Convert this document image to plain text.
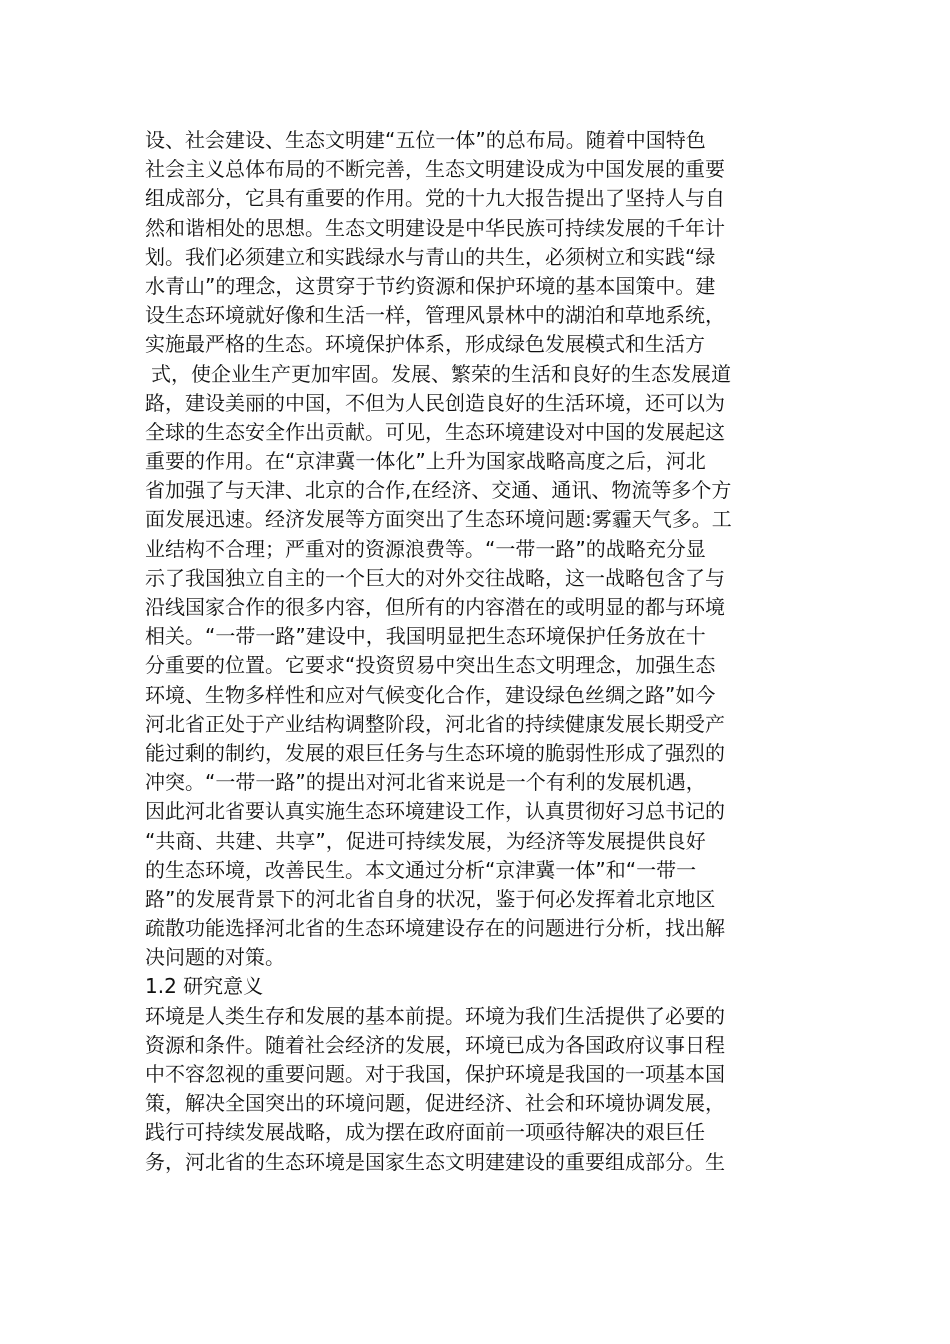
设、社会建设、生态文明建“五位一体”的总布局。随着中国特色
社会主义总体布局的不断完善，生态文明建设成为中国发展的重要
组成部分，它具有重要的作用。党的十九大报告提出了坚持人与自
然和谐相处的思想。生态文明建设是中华民族可持续发展的千年计
划。我们必须建立和实践绿水与青山的共生，必须树立和实践“绿
水青山”的理念，这贯穿于节约资源和保护环境的基本国策中。建
设生态环境就好像和生活一样，管理风景林中的湖泊和草地系统，
实施最严格的生态。环境保护体系，形成绿色发展模式和生活方
式，使企业生产更加牢固。发展、繁荣的生活和良好的生态发展道
路，建设美丽的中国，不但为人民创造良好的生活环境，还可以为
全球的生态安全作出贡献。可见，生态环境建设对中国的发展起这
重要的作用。在“京津冀一体化”上升为国家战略高度之后，河北
省加强了与天津、北京的合作,在经济、交通、通讯、物流等多个方
面发展迅速。经济发展等方面突出了生态环境问题:雾霾天气多。工
业结构不合理；严重对的资源浪费等。“一带一路”的战略充分显
示了我国独立自主的一个巨大的对外交往战略，这一战略包含了与
沿线国家合作的很多内容，但所有的内容潜在的或明显的都与环境
相关。“一带一路”建设中，我国明显把生态环境保护任务放在十
分重要的位置。它要求“投资贸易中突出生态文明理念，加强生态
环境、生物多样性和应对气候变化合作，建设绿色丝绸之路”如今
河北省正处于产业结构调整阶段，河北省的持续健康发展长期受产
能过剩的制约，发展的艰巨任务与生态环境的脆弱性形成了强烈的
冲突。“一带一路”的提出对河北省来说是一个有利的发展机遇，
因此河北省要认真实施生态环境建设工作，认真贯彻好习总书记的
“共商、共建、共享”，促进可持续发展，为经济等发展提供良好
的生态环境，改善民生。本文通过分析“京津冀一体”和“一带一
路”的发展背景下的河北省自身的状况，鉴于何必发挥着北京地区
疏散功能选择河北省的生态环境建设存在的问题进行分析，找出解
决问题的对策。
1.2 研究意义
环境是人类生存和发展的基本前提。环境为我们生活提供了必要的
资源和条件。随着社会经济的发展，环境已成为各国政府议事日程
中不容忽视的重要问题。对于我国，保护环境是我国的一项基本国
策，解决全国突出的环境问题，促进经济、社会和环境协调发展，
践行可持续发展战略，成为摆在政府面前一项亟待解决的艰巨任
务，河北省的生态环境是国家生态文明建建设的重要组成部分。生
